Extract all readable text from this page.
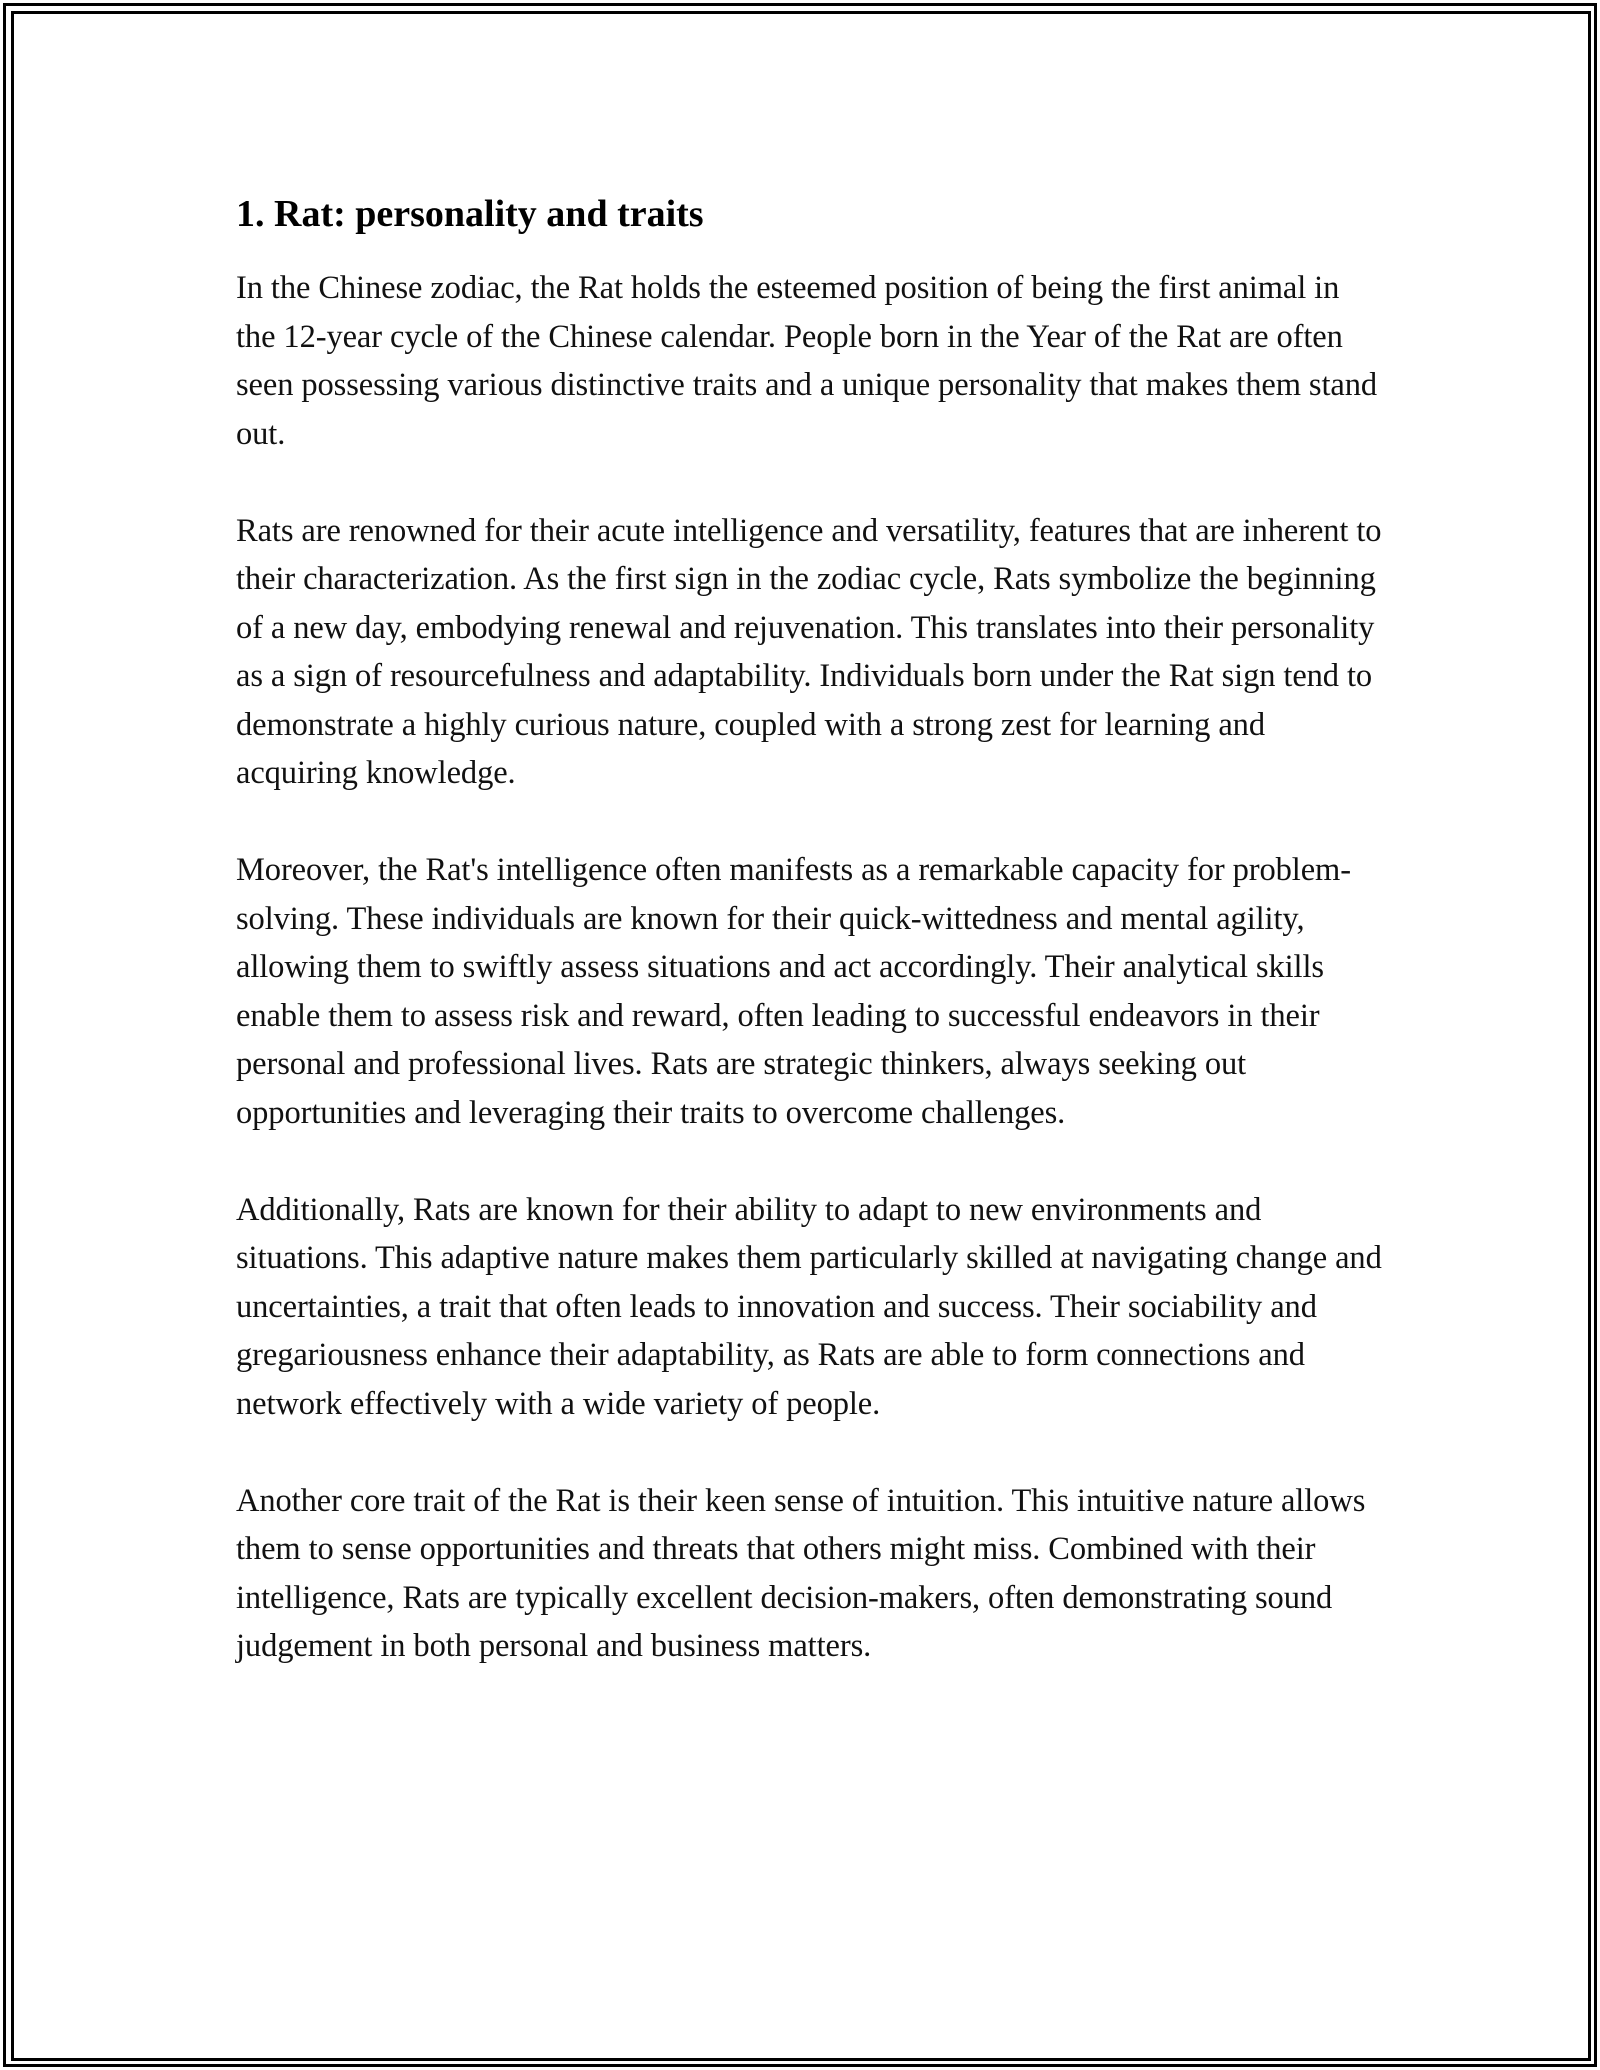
1. Rat: personality and traits

In the Chinese zodiac, the Rat holds the esteemed position of being the first animal in the 12-year cycle of the Chinese calendar. People born in the Year of the Rat are often seen possessing various distinctive traits and a unique personality that makes them stand out.

Rats are renowned for their acute intelligence and versatility, features that are inherent to their characterization. As the first sign in the zodiac cycle, Rats symbolize the beginning of a new day, embodying renewal and rejuvenation. This translates into their personality as a sign of resourcefulness and adaptability. Individuals born under the Rat sign tend to demonstrate a highly curious nature, coupled with a strong zest for learning and acquiring knowledge.

Moreover, the Rat's intelligence often manifests as a remarkable capacity for problem-solving. These individuals are known for their quick-wittedness and mental agility, allowing them to swiftly assess situations and act accordingly. Their analytical skills enable them to assess risk and reward, often leading to successful endeavors in their personal and professional lives. Rats are strategic thinkers, always seeking out opportunities and leveraging their traits to overcome challenges.

Additionally, Rats are known for their ability to adapt to new environments and situations. This adaptive nature makes them particularly skilled at navigating change and uncertainties, a trait that often leads to innovation and success. Their sociability and gregariousness enhance their adaptability, as Rats are able to form connections and network effectively with a wide variety of people.

Another core trait of the Rat is their keen sense of intuition. This intuitive nature allows them to sense opportunities and threats that others might miss. Combined with their intelligence, Rats are typically excellent decision-makers, often demonstrating sound judgement in both personal and business matters.
